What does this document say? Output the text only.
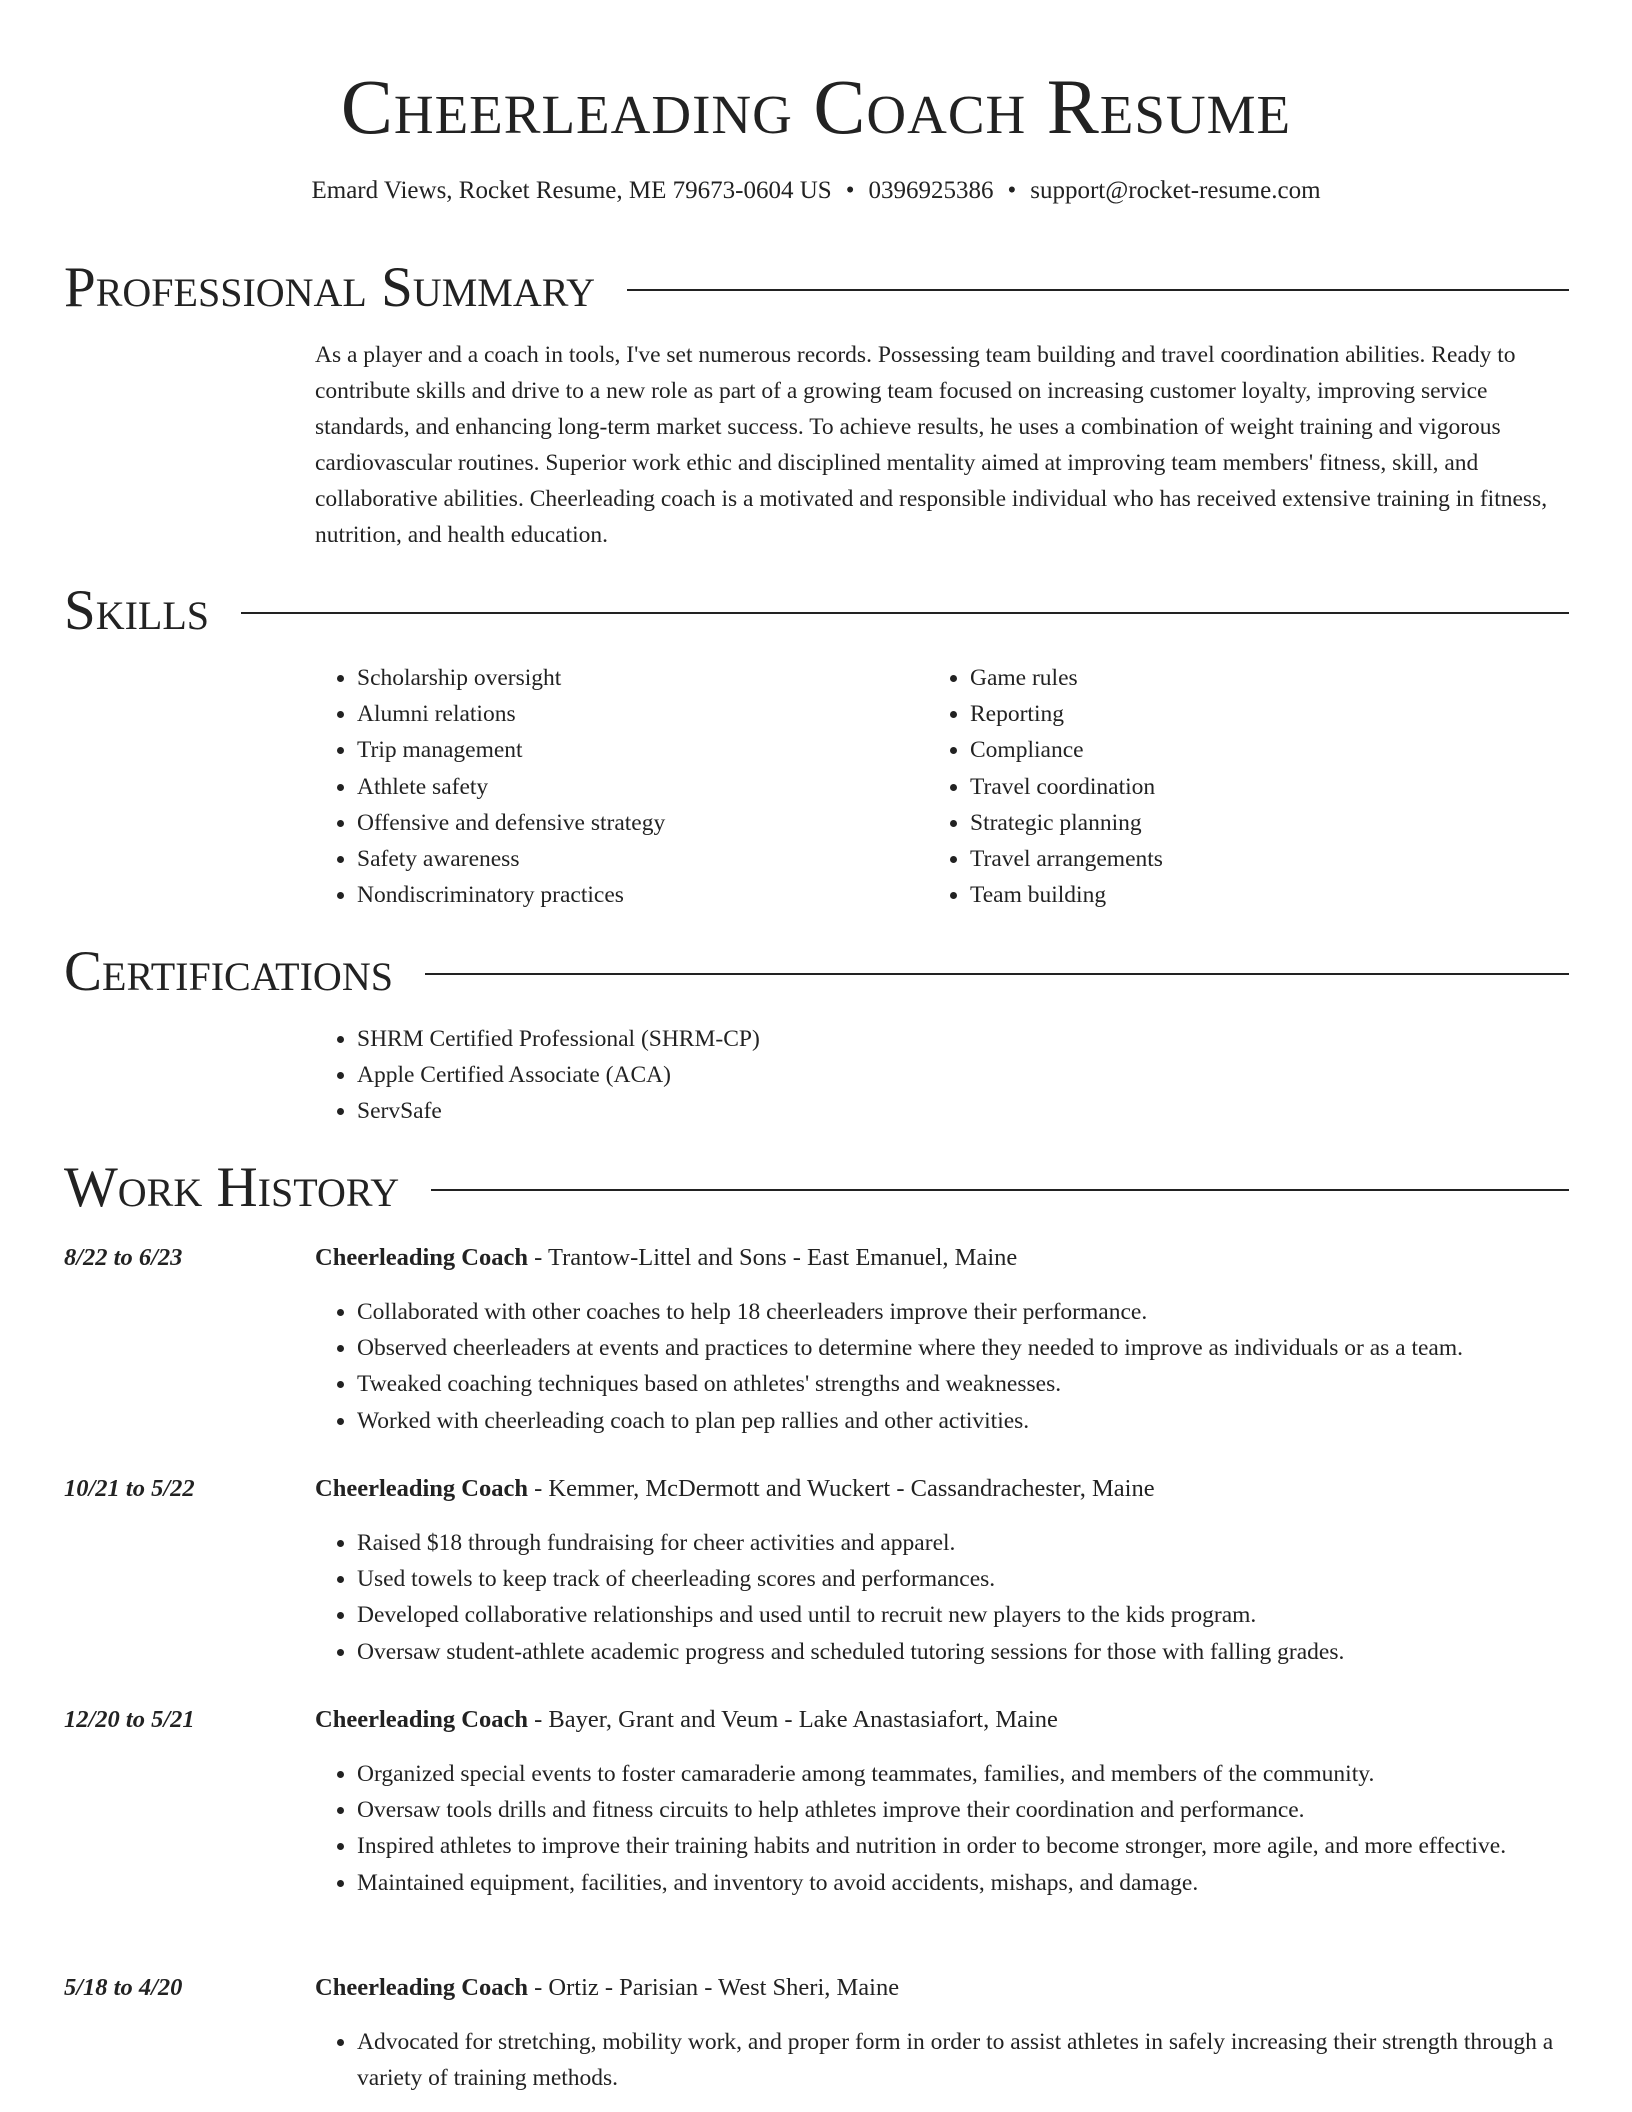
Cheerleading Coach Resume
Emard Views, Rocket Resume, ME 79673-0604 US • 0396925386 • support@rocket-resume.com
Professional Summary

As a player and a coach in tools, I've set numerous records. Possessing team building and travel coordination abilities. Ready to contribute skills and drive to a new role as part of a growing team focused on increasing customer loyalty, improving service standards, and enhancing long-term market success. To achieve results, he uses a combination of weight training and vigorous cardiovascular routines. Superior work ethic and disciplined mentality aimed at improving team members' fitness, skill, and collaborative abilities. Cheerleading coach is a motivated and responsible individual who has received extensive training in fitness, nutrition, and health education.

Skills
• Scholarship oversight
• Alumni relations
• Trip management
• Athlete safety
• Offensive and defensive strategy
• Safety awareness
• Nondiscriminatory practices
• Game rules
• Reporting
• Compliance
• Travel coordination
• Strategic planning
• Travel arrangements
• Team building
Certifications
• SHRM Certified Professional (SHRM-CP)
• Apple Certified Associate (ACA)
• ServSafe
Work History
8/22 to 6/23	Cheerleading Coach - Trantow-Littel and Sons - East Emanuel, Maine
• Collaborated with other coaches to help 18 cheerleaders improve their performance.
• Observed cheerleaders at events and practices to determine where they needed to improve as individuals or as a team.
• Tweaked coaching techniques based on athletes' strengths and weaknesses.
• Worked with cheerleading coach to plan pep rallies and other activities.
10/21 to 5/22	Cheerleading Coach - Kemmer, McDermott and Wuckert - Cassandrachester, Maine
• Raised $18 through fundraising for cheer activities and apparel.
• Used towels to keep track of cheerleading scores and performances.
• Developed collaborative relationships and used until to recruit new players to the kids program.
• Oversaw student-athlete academic progress and scheduled tutoring sessions for those with falling grades.
12/20 to 5/21	Cheerleading Coach - Bayer, Grant and Veum - Lake Anastasiafort, Maine
• Organized special events to foster camaraderie among teammates, families, and members of the community.
• Oversaw tools drills and fitness circuits to help athletes improve their coordination and performance.
• Inspired athletes to improve their training habits and nutrition in order to become stronger, more agile, and more effective.
• Maintained equipment, facilities, and inventory to avoid accidents, mishaps, and damage.
5/18 to 4/20	Cheerleading Coach - Ortiz - Parisian - West Sheri, Maine
• Advocated for stretching, mobility work, and proper form in order to assist athletes in safely increasing their strength through a variety of training methods.
